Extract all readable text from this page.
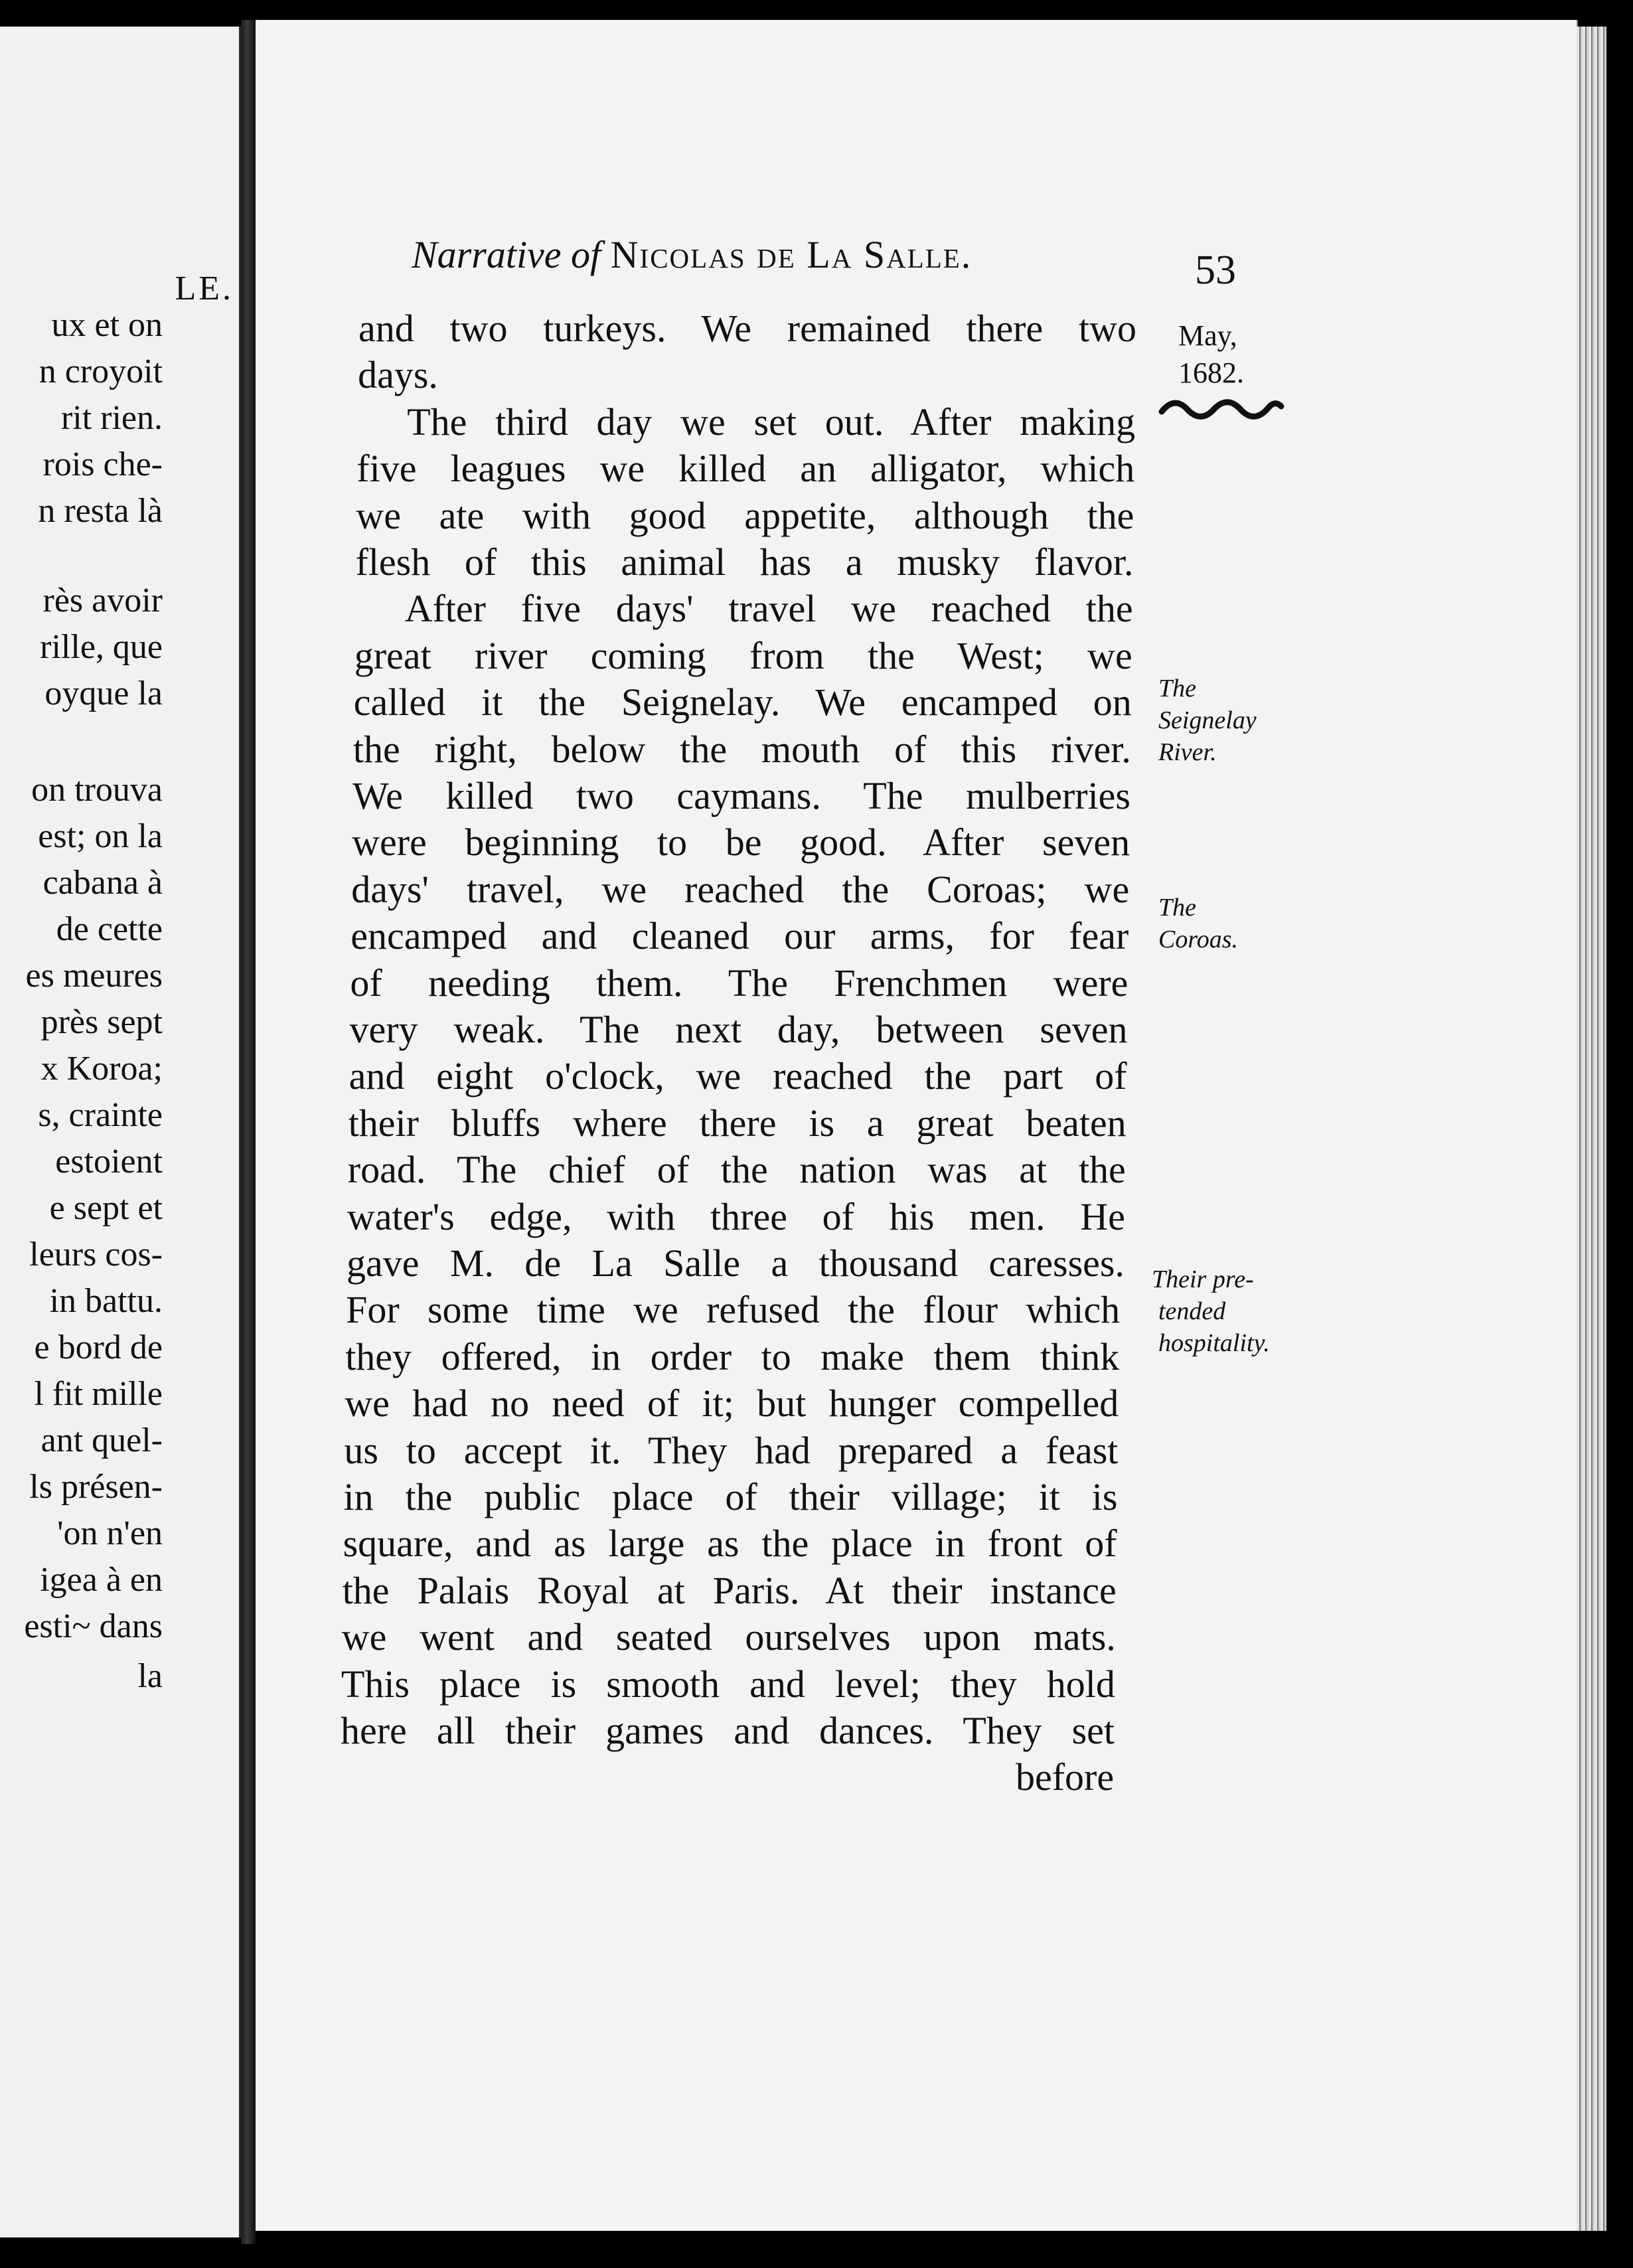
LE.
ux et on
n croyoit
rit rien.
rois che-
n resta là
rès avoir
rille, que
oyque la
on trouva
est; on la
cabana à
de cette
es meures
près sept
x Koroa;
s, crainte
estoient
e sept et
leurs cos-
in battu.
e bord de
l fit mille
ant quel-
ls présen-
'on n'en
igea à en
esti~ dans
la
Narrative of Nicolas de La Salle.	53
May,
1682.
The
Seignelay
River.
The
Coroas.
Their pre-
tended
hospitality.
and two turkeys. We remained there two
days.
The third day we set out. After making
five leagues we killed an alligator, which
we ate with good appetite, although the
flesh of this animal has a musky flavor.
After five days' travel we reached the
great river coming from the West; we
called it the Seignelay. We encamped on
the right, below the mouth of this river.
We killed two caymans. The mulberries
were beginning to be good. After seven
days' travel, we reached the Coroas; we
encamped and cleaned our arms, for fear
of needing them. The Frenchmen were
very weak. The next day, between seven
and eight o'clock, we reached the part of
their bluffs where there is a great beaten
road. The chief of the nation was at the
water's edge, with three of his men. He
gave M. de La Salle a thousand caresses.
For some time we refused the flour which
they offered, in order to make them think
we had no need of it; but hunger compelled
us to accept it. They had prepared a feast
in the public place of their village; it is
square, and as large as the place in front of
the Palais Royal at Paris. At their instance
we went and seated ourselves upon mats.
This place is smooth and level; they hold
here all their games and dances. They set
before
